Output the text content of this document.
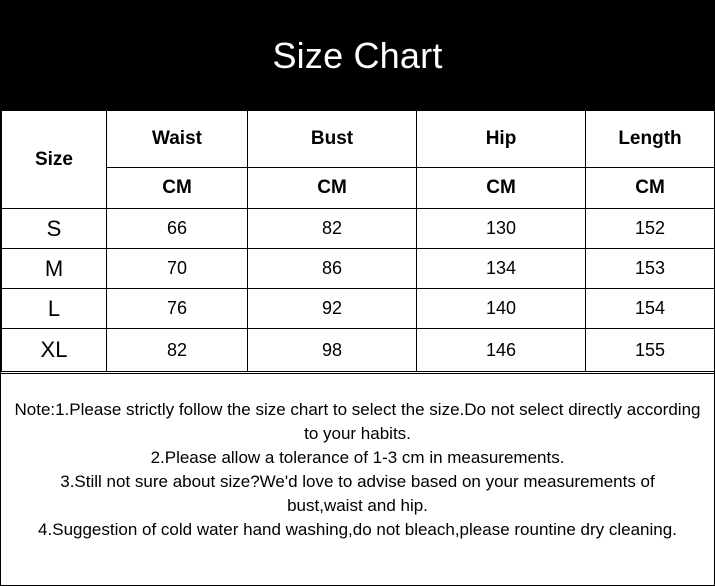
Size Chart
Size	Waist	Bust	Hip	Length
	CM	CM	CM	CM
S	66	82	130	152
M	70	86	134	153
L	76	92	140	154
XL	82	98	146	155
Note:1.Please strictly follow the size chart to select the size.Do not select directly according to your habits.
2.Please allow a tolerance of 1-3 cm in measurements.
3.Still not sure about size?We'd love to advise based on your measurements of bust,waist and hip.
4.Suggestion of cold water hand washing,do not bleach,please rountine dry cleaning.
